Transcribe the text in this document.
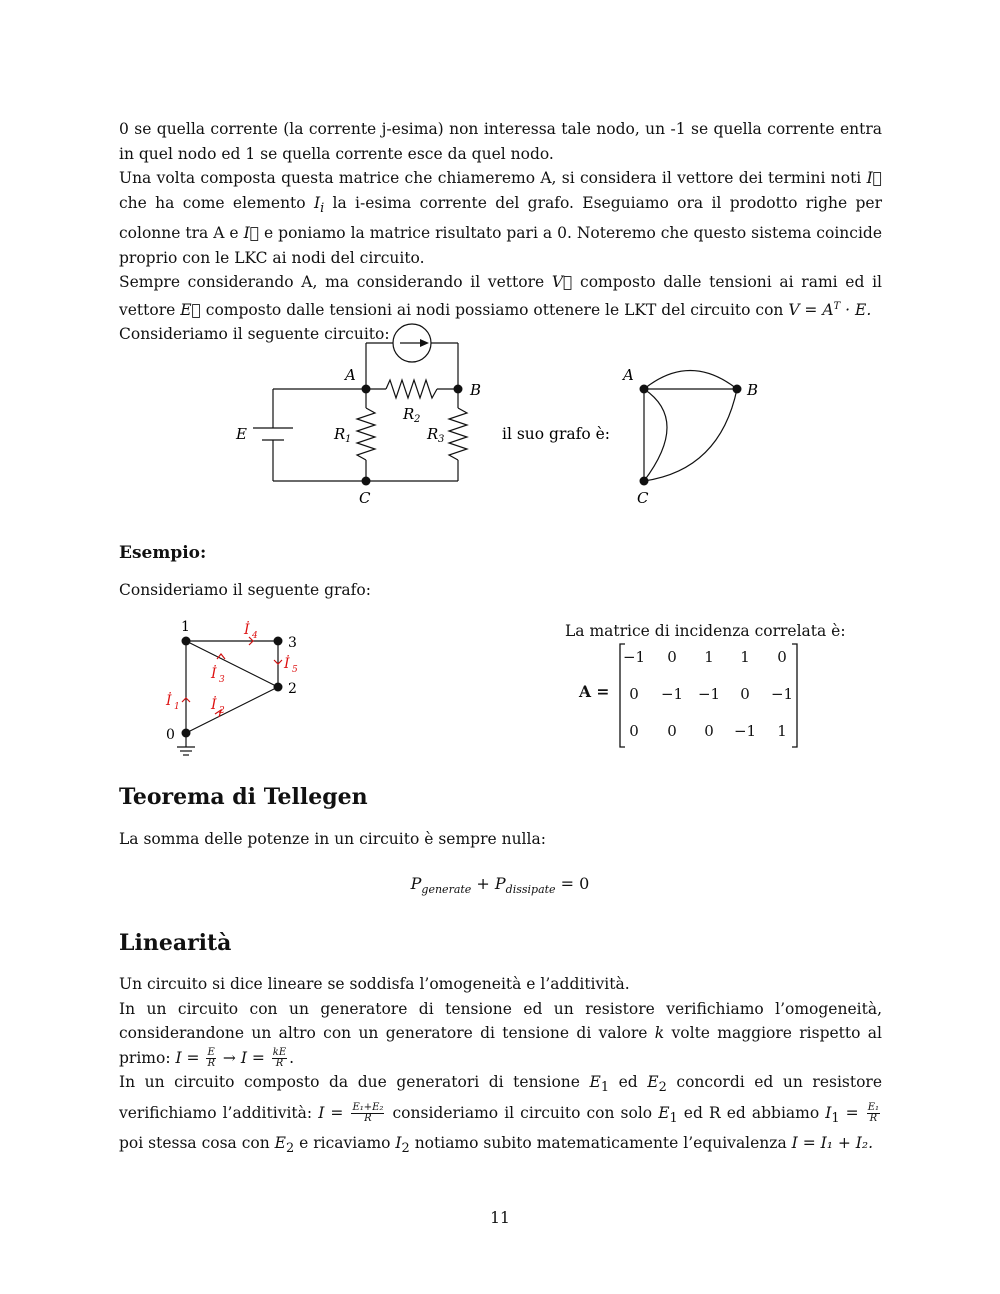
0 se quella corrente (la corrente j-esima) non interessa tale nodo, un -1 se quella corrente entra in quel nodo ed 1 se quella corrente esce da quel nodo.
Una volta composta questa matrice che chiameremo A, si considera il vettore dei termini noti I⃗ che ha come elemento $I_i$ la i-esima corrente del grafo. Eseguiamo ora il prodotto righe per colonne tra A e I⃗ e poniamo la matrice risultato pari a 0. Noteremo che questo sistema coincide proprio con le LKC ai nodi del circuito.
Sempre considerando A, ma considerando il vettore V⃗ composto dalle tensioni ai rami ed il vettore E⃗ composto dalle tensioni ai nodi possiamo ottenere le LKT del circuito con $V = A^T \cdot E$.
Consideriamo il seguente circuito:
A
B
C
E	R 1
R 2
R 3	il suo grafo è:
A
B
C
Esempio:
Consideriamo il seguente grafo:
1
3
2
0
İ 4
İ 5
İ 3
İ 1 İ 2
La matrice di incidenza correlata è:
A =
−1	0	1	1	0
0	−1 −1	0	−1
0	0	0	−1	1
Teorema di Tellegen
La somma delle potenze in un circuito è sempre nulla:
$P_{generate} + P_{dissipate} = 0$
Linearità
Un circuito si dice lineare se soddisfa l’omogeneità e l’additività.
In un circuito con un generatore di tensione ed un resistore verifichiamo l’omogeneità, considerandone un altro con un generatore di tensione di valore k volte maggiore rispetto al primo: $I = \frac{E}{R} \to I = \frac{kE}{R}$ .
In un circuito composto da due generatori di tensione $E_1$ ed $E_2$ concordi ed un resistore verifichiamo l’additività: $I = \frac{\text{E₁+E₂}}{R}$ consideriamo il circuito con solo $E_1$ ed R ed abbiamo $I_1 = \frac{\text{E₁}}{R}$
poi stessa cosa con $E_2$ e ricaviamo $I_2$ notiamo subito matematicamente l’equivalenza I = I₁ + I₂.
11
